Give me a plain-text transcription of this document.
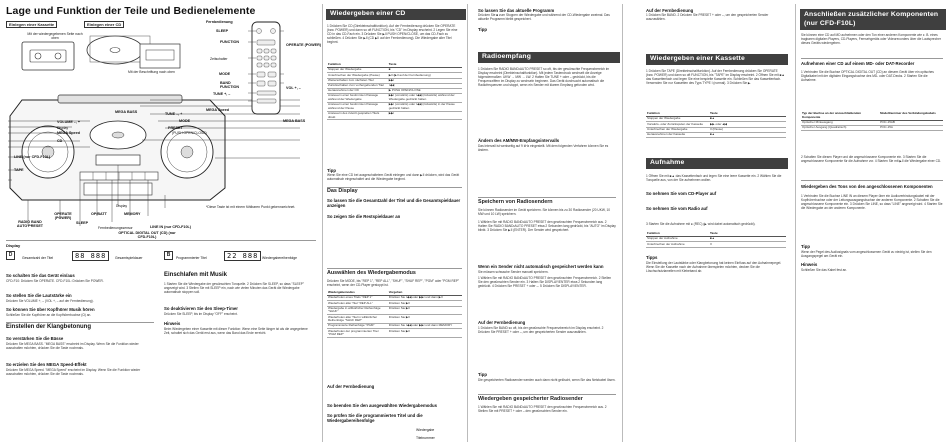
Lage und Funktion der Teile und Bedienelemente
Einlegen einer Kassette	Einlegen einer CD
Mit der wiedergegebenen Seite nach oben
Mit der Beschriftung nach oben
MEGA BASS
VOLUME –, +
Display
MEGA Speed
CD
LINE (nur CFD-F10L)
TAPE
OPERATE (POWER)
TUNE –, +
MODE
FUNCTION
PRESET
(PUSH OPEN/CLOSE)
MEGA BASS
RADIO BAND AUTO PRESET
OPERATE (POWER)
SLEEP
OP/BATT	MEMORY
Fernbedienungssensor	LINE IN (nur CFD-F10L)
OPTICAL DIGITAL OUT (CD) (nur CFD-F10L)
Display
Fernbedienung
SLEEP
FUNCTION
Zeitschalter
MODE
BAND
TUNE +, –
VOL +, –
MEGA Speed
*Diese Taste ist mit einem fühlbaren Punkt gekennzeichnet.
Display
D	88 888
Gesamtzahl der Titel	Gesamtspieldauer	B	Programmierter Titel	22 888	Wiedergabereihenfolge
So schalten Sie das Gerät ein/aus
CFD-F10: Drücken Sie OPERATE. CFD-F10L: Drücken Sie POWER.
So stellen Sie die Lautstärke ein
Drücken Sie VOLUME +, – (VOL +, – auf der Fernbedienung).
So können Sie über Kopfhörer Musik hören
Schließen Sie die Kopfhörer an die Kopfhörerbuchse (Ω) an.
Einstellen der Klangbetonung
So verstärken Sie die Bässe
Drücken Sie MEGA BASS. "MEGA BASS" erscheint im Display. Wenn Sie die Funktion wieder ausschalten möchten, drücken Sie die Taste nochmals.
So erzielen Sie den MEGA Speed-Effekt
Drücken Sie MEGA Speed. "MEGA Speed" erscheint im Display. Wenn Sie die Funktion wieder ausschalten möchten, drücken Sie die Taste nochmals.
Einschlafen mit Musik
1 Starten Sie die Wiedergabe der gewünschten Tonquelle. 2 Drücken Sie SLEEP, so dass "SLEEP" angezeigt wird. 3 Stellen Sie mit SLEEP ein, nach wie vielen Minuten das Gerät die Wiedergabe automatisch stoppen soll.
So deaktivieren Sie den Sleep-Timer
Drücken Sie SLEEP, bis im Display "OFF" erscheint.
Hinweis
Beim Wiedergeben einer Kassette mit dieser Funktion: Wenn eine Seite länger ist als die angegebene Zeit, schaltet sich das Gerät erst aus, wenn das Band das Ende erreicht.
Wiedergeben einer CD
1 Drücken Sie CD (Direkteinschaltfunktion). Auf der Fernbedienung drücken Sie OPERATE (bzw. POWER) und dann so oft FUNCTION, bis "CD" im Display erscheint. 2 Legen Sie eine CD in das CD-Fach ein. 3 Drücken Sie ▶II PUSH OPEN/CLOSE, um das CD-Fach zu schließen. 4 Drücken Sie ▶II (CD ▶II auf der Fernbedienung). Die Wiedergabe aller Titel beginnt.
Funktion	Taste
Stoppen der Wiedergabe	■
Unterbrechen der Wiedergabe (Pause)	▶II (▶II auf der Fernbedienung)
Weiterschalten zum nächsten Titel	▶▶I
Zurückschalten zum vorhergehenden Titel	I◀◀
Herausnehmen der CD	▶ PUSH OPEN/CLOSE
Ansteuern einer bestimmten Passage während der Wiedergabe	▶▶I (vorwärts) oder I◀◀ (rückwärts) während der Wiedergabe gedrückt halten
Ansteuern einer bestimmten Passage während der Pause	▶▶I (vorwärts) oder I◀◀ (rückwärts) in der Pause gedrückt halten
Ansteuern des zuletzt gespielten Titels direkt	▶▶I
Tipp
Wenn Sie eine CD bei ausgeschaltetem Gerät einlegen und dann ▶II drücken, wird das Gerät automatisch eingeschaltet und die Wiedergabe beginnt.
Das Display
So lassen Sie die Gesamtzahl der Titel und die Gesamtspieldauer anzeigen
So zeigen Sie die Restspieldauer an
Auswählen des Wiedergabemodus
Drücken Sie MODE, bis "REP 1", "REP ALL", "SHUF", "SHUF REP", "PGM" oder "PGM REP" erscheint, wenn der CD-Player gestoppt ist.
Wiedergabemodus	Vorgehen
Wiederholen eines Titels "REP 1"	Drücken Sie I◀◀ oder ▶▶I und dann ▶II
Wiederholen aller Titel "REP ALL"	Drücken Sie ▶II
Wiedergabe in willkürlicher Reihenfolge "SHUF"	Drücken Sie ▶II
Wiederholen aller Titel in willkürlicher Reihenfolge "SHUF REP"	Drücken Sie ▶II
Programmierte Reihenfolge "PGM"	Drücken Sie I◀◀ oder ▶▶I und dann MEMORY
Wiederholen der programmierten Titel "PGM REP"	Drücken Sie ▶II
Auf der Fernbedienung
So beenden Sie den ausgewählten Wiedergabemodus
So prüfen Sie die programmierten Titel und die Wiedergabereihenfolge
Wiedergabe
Titelnummer
So lassen Sie das aktuelle Programm
Drücken Sie ■ zum Stoppen der Wiedergabe und während der CD-Wiedergabe zweimal. Das aktuelle Programm bleibt gespeichert.
Tipp
Radioempfang
1 Drücken Sie RADIO BAND•AUTO PRESET so oft, bis der gewünschte Frequenzbereich im Display erscheint (Direkteinschaltfunktion). Mit jedem Tastendruck wechselt die Anzeige folgendermaßen: UKW → MW → LW. 2 Halten Sie TUNE + oder – gedrückt, bis die Frequenzziffern im Display zu wechseln beginnen. Das Gerät durchsucht automatisch die Radiofrequenzen und stoppt, wenn ein Sender mit klarem Empfang gefunden wird.
Ändern des AM/MW-Empfangsintervalls
Das Intervall ist werkseitig auf 9 kHz eingestellt. Mit dem folgenden Verfahren können Sie es ändern.
Speichern von Radiosendern
Sie können Radiosender im Gerät speichern. Sie können bis zu 30 Radiosender (20 UKW, 10 MW und 10 LW) speichern.
1 Wählen Sie mit RADIO BAND•AUTO PRESET den gewünschten Frequenzbereich aus. 2 Halten Sie RADIO BAND•AUTO PRESET etwa 2 Sekunden lang gedrückt, bis "AUTO" im Display blinkt. 3 Drücken Sie ▶II (ENTER). Der Sender wird gespeichert.
Wenn ein Sender nicht automatisch gespeichert werden kann
Sie müssen schwache Sender manuell speichern.
1 Wählen Sie mit RADIO BAND•AUTO PRESET den gewünschten Frequenzbereich. 2 Stellen Sie den gewünschten Sender ein. 3 Halten Sie DISPLAY/ENTER etwa 2 Sekunden lang gedrückt. 4 Drücken Sie PRESET + oder –. 5 Drücken Sie DISPLAY/ENTER.
Auf der Fernbedienung
1 Drücken Sie BAND so oft, bis der gewünschte Frequenzbereich im Display erscheint. 2 Drücken Sie PRESET + oder –, um den gespeicherten Sender auszuwählen.
Tipp
Die gespeicherten Radiosender werden auch dann nicht gelöscht, wenn Sie das Netzkabel lösen.
Wiedergeben gespeicherter Radiosender
1 Wählen Sie mit RADIO BAND•AUTO PRESET den gewünschten Frequenzbereich aus. 2 Stellen Sie mit PRESET + oder – den gewünschten Sender ein.
Auf der Fernbedienung
1 Drücken Sie BAND. 2 Drücken Sie PRESET + oder –, um den gespeicherten Sender auszuwählen.
Wiedergeben einer Kassette
1 Drücken Sie TAPE (Direkteinschaltfunktion). Auf der Fernbedienung drücken Sie OPERATE (bzw. POWER) und dann so oft FUNCTION, bis "TAPE" im Display erscheint. 2 Öffnen Sie mit ■▲ das Kassettenfach und legen Sie eine bespielte Kassette ein. Schließen Sie das Kassettenfach. Verwenden Sie nur Kassetten des Typs TYPE I (normal). 3 Drücken Sie ▶.
Funktion	Taste
Stoppen der Wiedergabe	■▲
Vorwärts- oder Zurückspulen der Kassette	▶▶ oder ◀◀
Unterbrechen der Wiedergabe	II (Pause)
Herausnehmen der Kassette	■▲
Aufnahme
1 Öffnen Sie mit ■▲ das Kassettenfach und legen Sie eine leere Kassette ein. 2 Wählen Sie die Tonquelle aus, von der Sie aufnehmen wollen.
So nehmen Sie vom CD-Player auf
So nehmen Sie vom Radio auf
3 Starten Sie die Aufnahme mit ● (REC) (▶ wird dabei automatisch gedrückt).
Funktion	Taste
Stoppen der Aufnahme	■▲
Unterbrechen der Aufnahme	II
Tipps
Die Einstellung der Lautstärke oder Klangbetonung hat keinen Einfluss auf den Aufnahmepegel. Wenn Sie die Kassette nach der Aufnahme überspielen möchten, decken Sie die Löschschutzlamellen mit Klebeband ab.
Anschließen zusätzlicher Komponenten (nur CFD-F10L)
Sie können eine CD auf MD aufnehmen oder den Ton einer anderen Komponente wie z. B. eines tragbaren digitalen Players, CD-Players, Fernsehgeräts oder Videorecorders über die Lautsprecher dieses Geräts wiedergeben.
Aufnehmen einer CD auf einem MD- oder DAT-Recorder
1 Verbinden Sie die Buchse OPTICAL DIGITAL OUT (CD) an diesem Gerät über ein optisches Digitalkabel mit der digitalen Eingangsbuchse des MD- oder DAT-Decks. 2 Starten Sie die Aufnahme.
Typ der Buchse an der anzuschließenden Komponente	Modellnummer des Verbindungskabels
Optischer Miniausgang	POC-15AB
Optischer Ausgang (Quadratisch)	POC-15A
2 Schalten Sie diesen Player und die angeschlossene Komponente ein. 3 Starten Sie die angeschlossene Komponente für die Aufnahme vor. 4 Starten Sie mit ▶II die Wiedergabe einer CD.
Wiedergeben des Tons von den angeschlossenen Komponenten
1 Verbinden Sie die Buchse LINE IN an diesem Player über ein Audioverbindungskabel mit der Kopfhörerbuchse oder der Leitungsausgangsbuchse der anderen Komponente. 2 Schalten Sie die angeschlossene Komponente ein. 3 Drücken Sie LINE, so dass "LINE" angezeigt wird. 4 Starten Sie die Wiedergabe an der anderen Komponente.
Tipp
Wenn der Pegel des Audiosignals vom angeschlossenen Gerät zu niedrig ist, stellen Sie den Ausgangspegel am Gerät ein.
Hinweis
Schließen Sie das Kabel fest an.
